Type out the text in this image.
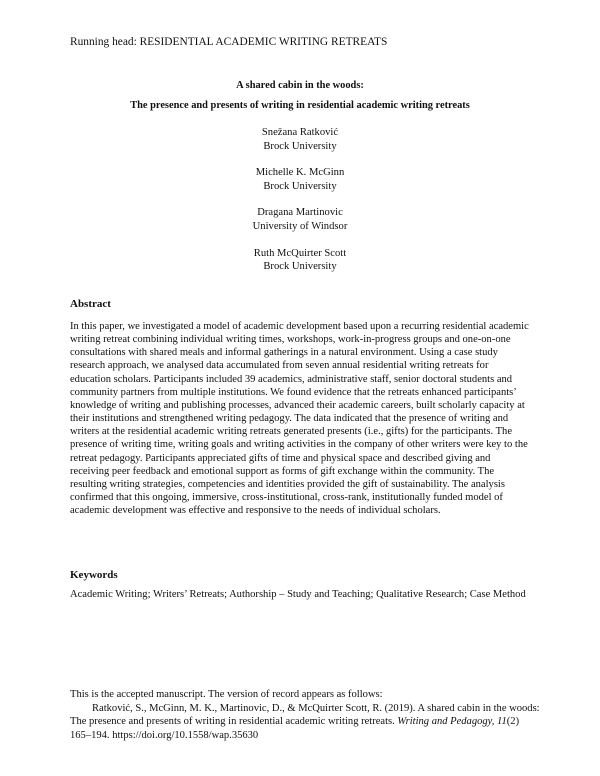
Running head: RESIDENTIAL ACADEMIC WRITING RETREATS
A shared cabin in the woods:
The presence and presents of writing in residential academic writing retreats
Snežana Ratković
Brock University
Michelle K. McGinn
Brock University
Dragana Martinovic
University of Windsor
Ruth McQuirter Scott
Brock University
Abstract

In this paper, we investigated a model of academic development based upon a recurring residential academic writing retreat combining individual writing times, workshops, work-in-progress groups and one-on-one consultations with shared meals and informal gatherings in a natural environment. Using a case study research approach, we analysed data accumulated from seven annual residential writing retreats for education scholars. Participants included 39 academics, administrative staff, senior doctoral students and community partners from multiple institutions. We found evidence that the retreats enhanced participants’ knowledge of writing and publishing processes, advanced their academic careers, built scholarly capacity at their institutions and strengthened writing pedagogy. The data indicated that the presence of writing and writers at the residential academic writing retreats generated presents (i.e., gifts) for the participants. The presence of writing time, writing goals and writing activities in the company of other writers were key to the retreat pedagogy. Participants appreciated gifts of time and physical space and described giving and receiving peer feedback and emotional support as forms of gift exchange within the community. The resulting writing strategies, competencies and identities provided the gift of sustainability. The analysis confirmed that this ongoing, immersive, cross-institutional, cross-rank, institutionally funded model of academic development was effective and responsive to the needs of individual scholars.

Keywords

Academic Writing; Writers’ Retreats; Authorship – Study and Teaching; Qualitative Research; Case Method

This is the accepted manuscript. The version of record appears as follows:

Ratković, S., McGinn, M. K., Martinovic, D., & McQuirter Scott, R. (2019). A shared cabin in the woods: The presence and presents of writing in residential academic writing retreats. Writing and Pedagogy, 11(2) 165–194. https://doi.org/10.1558/wap.35630
